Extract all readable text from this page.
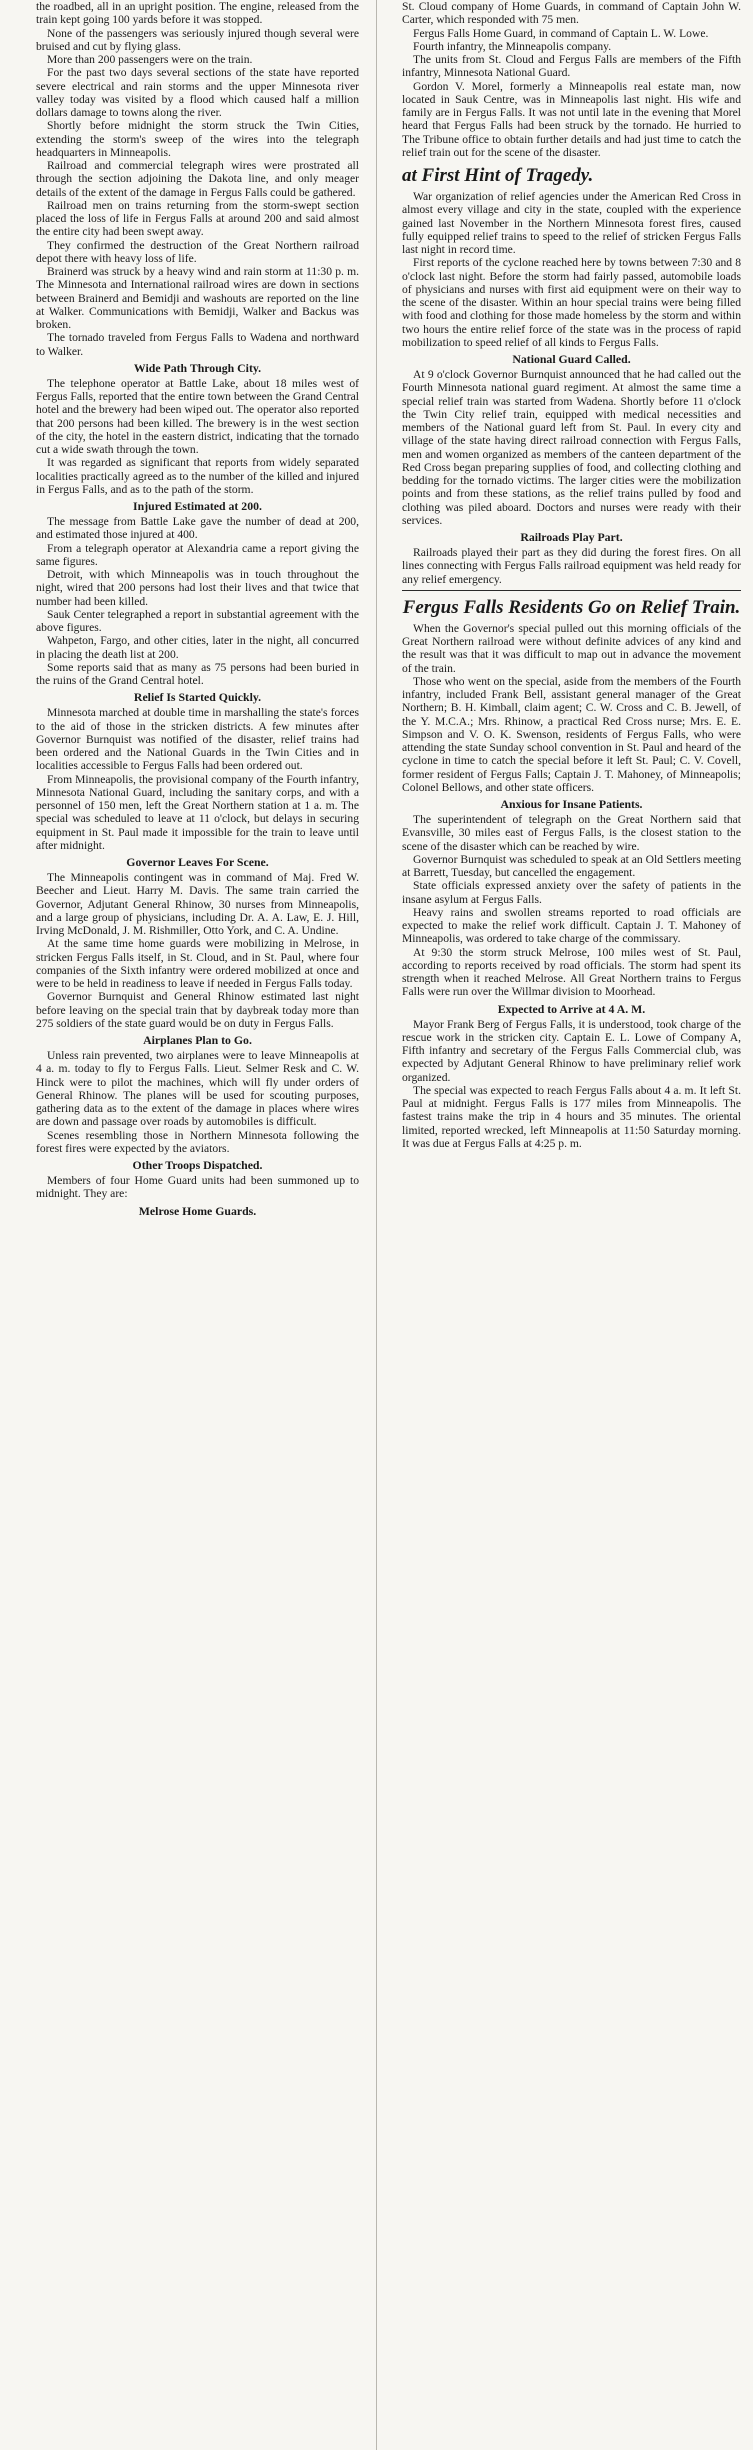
the roadbed, all in an upright position. The engine, released from the train kept going 100 yards before it was stopped.

None of the passengers was seriously injured though several were bruised and cut by flying glass.

More than 200 passengers were on the train.

For the past two days several sections of the state have reported severe electrical and rain storms and the upper Minnesota river valley today was visited by a flood which caused half a million dollars damage to towns along the river.

Shortly before midnight the storm struck the Twin Cities, extending the storm's sweep of the wires into the telegraph headquarters in Minneapolis.

Railroad and commercial telegraph wires were prostrated all through the section adjoining the Dakota line, and only meager details of the extent of the damage in Fergus Falls could be gathered.

Railroad men on trains returning from the storm-swept section placed the loss of life in Fergus Falls at around 200 and said almost the entire city had been swept away.

They confirmed the destruction of the Great Northern railroad depot there with heavy loss of life.

Brainerd was struck by a heavy wind and rain storm at 11:30 p. m. The Minnesota and International railroad wires are down in sections between Brainerd and Bemidji and washouts are reported on the line at Walker. Communications with Bemidji, Walker and Backus was broken.

The tornado traveled from Fergus Falls to Wadena and northward to Walker.

Wide Path Through City.

The telephone operator at Battle Lake, about 18 miles west of Fergus Falls, reported that the entire town between the Grand Central hotel and the brewery had been wiped out. The operator also reported that 200 persons had been killed. The brewery is in the west section of the city, the hotel in the eastern district, indicating that the tornado cut a wide swath through the town.

It was regarded as significant that reports from widely separated localities practically agreed as to the number of the killed and injured in Fergus Falls, and as to the path of the storm.

Injured Estimated at 200.

The message from Battle Lake gave the number of dead at 200, and estimated those injured at 400.

From a telegraph operator at Alexandria came a report giving the same figures.

Detroit, with which Minneapolis was in touch throughout the night, wired that 200 persons had lost their lives and that twice that number had been killed.

Sauk Center telegraphed a report in substantial agreement with the above figures.

Wahpeton, Fargo, and other cities, later in the night, all concurred in placing the death list at 200.

Some reports said that as many as 75 persons had been buried in the ruins of the Grand Central hotel.

Relief Is Started Quickly.

Minnesota marched at double time in marshalling the state's forces to the aid of those in the stricken districts. A few minutes after Governor Burnquist was notified of the disaster, relief trains had been ordered and the National Guards in the Twin Cities and in localities accessible to Fergus Falls had been ordered out.

From Minneapolis, the provisional company of the Fourth infantry, Minnesota National Guard, including the sanitary corps, and with a personnel of 150 men, left the Great Northern station at 1 a. m. The special was scheduled to leave at 11 o'clock, but delays in securing equipment in St. Paul made it impossible for the train to leave until after midnight.

Governor Leaves For Scene.

The Minneapolis contingent was in command of Maj. Fred W. Beecher and Lieut. Harry M. Davis. The same train carried the Governor, Adjutant General Rhinow, 30 nurses from Minneapolis, and a large group of physicians, including Dr. A. A. Law, E. J. Hill, Irving McDonald, J. M. Rishmiller, Otto York, and C. A. Undine.

At the same time home guards were mobilizing in Melrose, in stricken Fergus Falls itself, in St. Cloud, and in St. Paul, where four companies of the Sixth infantry were ordered mobilized at once and were to be held in readiness to leave if needed in Fergus Falls today.

Governor Burnquist and General Rhinow estimated last night before leaving on the special train that by daybreak today more than 275 soldiers of the state guard would be on duty in Fergus Falls.

Airplanes Plan to Go.

Unless rain prevented, two airplanes were to leave Minneapolis at 4 a. m. today to fly to Fergus Falls. Lieut. Selmer Resk and C. W. Hinck were to pilot the machines, which will fly under orders of General Rhinow. The planes will be used for scouting purposes, gathering data as to the extent of the damage in places where wires are down and passage over roads by automobiles is difficult.

Scenes resembling those in Northern Minnesota following the forest fires were expected by the aviators.

Other Troops Dispatched.

Members of four Home Guard units had been summoned up to midnight. They are:

Melrose Home Guards.

St. Cloud company of Home Guards, in command of Captain John W. Carter, which responded with 75 men.

Fergus Falls Home Guard, in command of Captain L. W. Lowe.

Fourth infantry, the Minneapolis company.

The units from St. Cloud and Fergus Falls are members of the Fifth infantry, Minnesota National Guard.

Gordon V. Morel, formerly a Minneapolis real estate man, now located in Sauk Centre, was in Minneapolis last night. His wife and family are in Fergus Falls. It was not until late in the evening that Morel heard that Fergus Falls had been struck by the tornado. He hurried to The Tribune office to obtain further details and had just time to catch the relief train out for the scene of the disaster.

at First Hint of Tragedy.

War organization of relief agencies under the American Red Cross in almost every village and city in the state, coupled with the experience gained last November in the Northern Minnesota forest fires, caused fully equipped relief trains to speed to the relief of stricken Fergus Falls last night in record time.

First reports of the cyclone reached here by towns between 7:30 and 8 o'clock last night. Before the storm had fairly passed, automobile loads of physicians and nurses with first aid equipment were on their way to the scene of the disaster. Within an hour special trains were being filled with food and clothing for those made homeless by the storm and within two hours the entire relief force of the state was in the process of rapid mobilization to speed relief of all kinds to Fergus Falls.

National Guard Called.

At 9 o'clock Governor Burnquist announced that he had called out the Fourth Minnesota national guard regiment. At almost the same time a special relief train was started from Wadena. Shortly before 11 o'clock the Twin City relief train, equipped with medical necessities and members of the National guard left from St. Paul. In every city and village of the state having direct railroad connection with Fergus Falls, men and women organized as members of the canteen department of the Red Cross began preparing supplies of food, and collecting clothing and bedding for the tornado victims. The larger cities were the mobilization points and from these stations, as the relief trains pulled by food and clothing was piled aboard. Doctors and nurses were ready with their services.

Railroads Play Part.

Railroads played their part as they did during the forest fires. On all lines connecting with Fergus Falls railroad equipment was held ready for any relief emergency.

Fergus Falls Residents Go on Relief Train.

When the Governor's special pulled out this morning officials of the Great Northern railroad were without definite advices of any kind and the result was that it was difficult to map out in advance the movement of the train.

Those who went on the special, aside from the members of the Fourth infantry, included Frank Bell, assistant general manager of the Great Northern; B. H. Kimball, claim agent; C. W. Cross and C. B. Jewell, of the Y. M.C.A.; Mrs. Rhinow, a practical Red Cross nurse; Mrs. E. E. Simpson and V. O. K. Swenson, residents of Fergus Falls, who were attending the state Sunday school convention in St. Paul and heard of the cyclone in time to catch the special before it left St. Paul; C. V. Covell, former resident of Fergus Falls; Captain J. T. Mahoney, of Minneapolis; Colonel Bellows, and other state officers.

Anxious for Insane Patients.

The superintendent of telegraph on the Great Northern said that Evansville, 30 miles east of Fergus Falls, is the closest station to the scene of the disaster which can be reached by wire.

Governor Burnquist was scheduled to speak at an Old Settlers meeting at Barrett, Tuesday, but cancelled the engagement.

State officials expressed anxiety over the safety of patients in the insane asylum at Fergus Falls.

Heavy rains and swollen streams reported to road officials are expected to make the relief work difficult. Captain J. T. Mahoney of Minneapolis, was ordered to take charge of the commissary.

At 9:30 the storm struck Melrose, 100 miles west of St. Paul, according to reports received by road officials. The storm had spent its strength when it reached Melrose. All Great Northern trains to Fergus Falls were run over the Willmar division to Moorhead.

Expected to Arrive at 4 A. M.

Mayor Frank Berg of Fergus Falls, it is understood, took charge of the rescue work in the stricken city. Captain E. L. Lowe of Company A, Fifth infantry and secretary of the Fergus Falls Commercial club, was expected by Adjutant General Rhinow to have preliminary relief work organized.

The special was expected to reach Fergus Falls about 4 a. m. It left St. Paul at midnight. Fergus Falls is 177 miles from Minneapolis. The fastest trains make the trip in 4 hours and 35 minutes. The oriental limited, reported wrecked, left Minneapolis at 11:50 Saturday morning. It was due at Fergus Falls at 4:25 p. m.
